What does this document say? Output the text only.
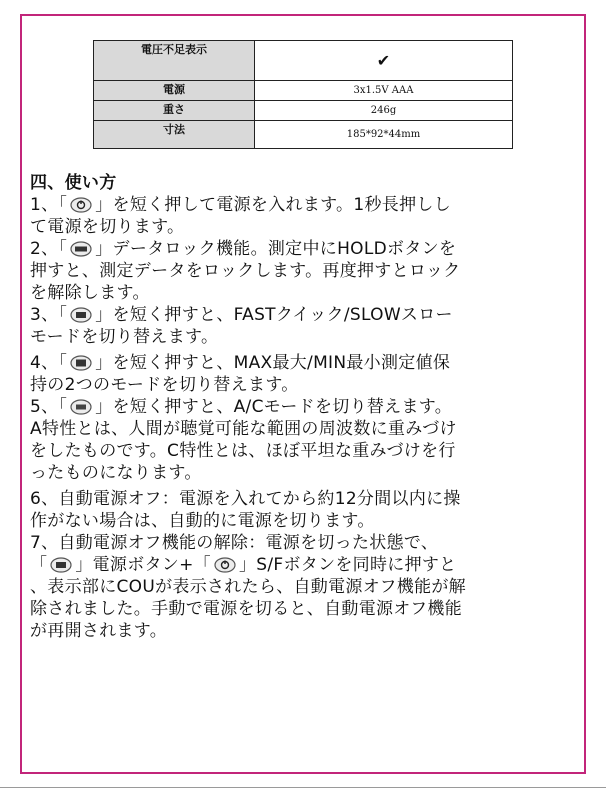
電圧不足表示	✔
電源	3x1.5V AAA
重さ	246g
寸法	185*92*44mm
四、使い方

1、「 」を短く押して電源を入れます。1秒長押しし
て電源を切ります。

2、「 」データロック機能。測定中にHOLDボタンを
押すと、測定データをロックします。再度押すとロック
を解除します。

3、「 」を短く押すと、FASTクイック/SLOWスロー
モードを切り替えます。

4、「 」を短く押すと、MAX最大/MIN最小測定値保
持の2つのモードを切り替えます。

5、「 」を短く押すと、A/Cモードを切り替えます。
A特性とは、人間が聴覚可能な範囲の周波数に重みづけ
をしたものです。C特性とは、ほぼ平坦な重みづけを行
ったものになります。

6、自動電源オフ：電源を入れてから約12分間以内に操
作がない場合は、自動的に電源を切ります。

7、自動電源オフ機能の解除：電源を切った状態で、
「 」電源ボタン+「 」S/Fボタンを同時に押すと
、表示部にCOUが表示されたら、自動電源オフ機能が解
除されました。手動で電源を切ると、自動電源オフ機能
が再開されます。
